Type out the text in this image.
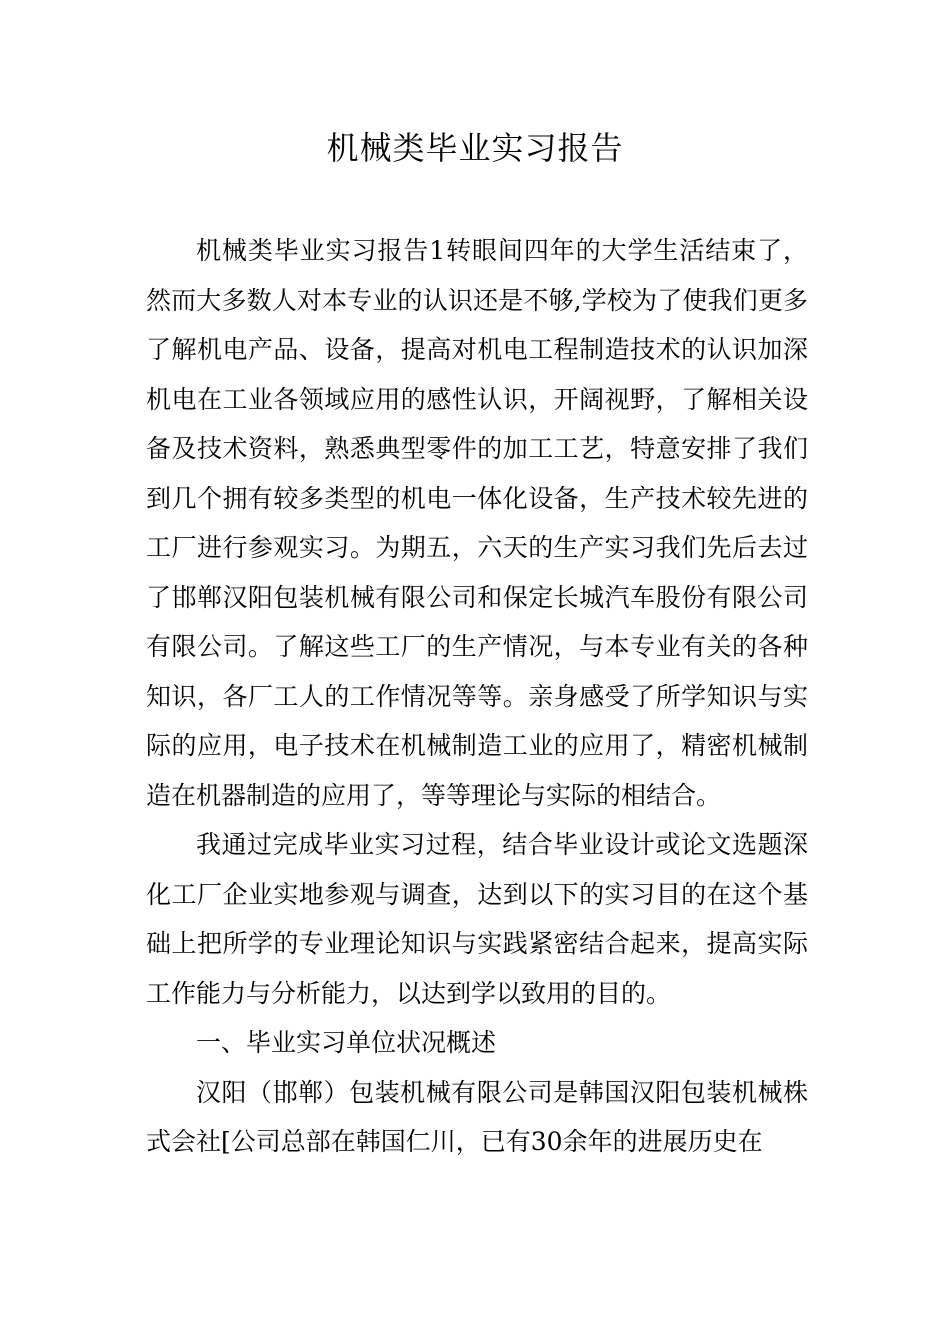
机械类毕业实习报告

机械类毕业实习报告1转眼间四年的大学生活结束了，然而大多数人对本专业的认识还是不够,学校为了使我们更多了解机电产品、设备，提高对机电工程制造技术的认识加深机电在工业各领域应用的感性认识，开阔视野，了解相关设备及技术资料，熟悉典型零件的加工工艺，特意安排了我们到几个拥有较多类型的机电一体化设备，生产技术较先进的工厂进行参观实习。为期五，六天的生产实习我们先后去过了邯郸汉阳包装机械有限公司和保定长城汽车股份有限公司有限公司。了解这些工厂的生产情况，与本专业有关的各种知识，各厂工人的工作情况等等。亲身感受了所学知识与实际的应用，电子技术在机械制造工业的应用了，精密机械制造在机器制造的应用了，等等理论与实际的相结合。

我通过完成毕业实习过程，结合毕业设计或论文选题深化工厂企业实地参观与调查，达到以下的实习目的在这个基础上把所学的专业理论知识与实践紧密结合起来，提高实际工作能力与分析能力，以达到学以致用的目的。

一、毕业实习单位状况概述

汉阳（邯郸）包装机械有限公司是韩国汉阳包装机械株式会社[公司总部在韩国仁川，已有30余年的进展历史在
